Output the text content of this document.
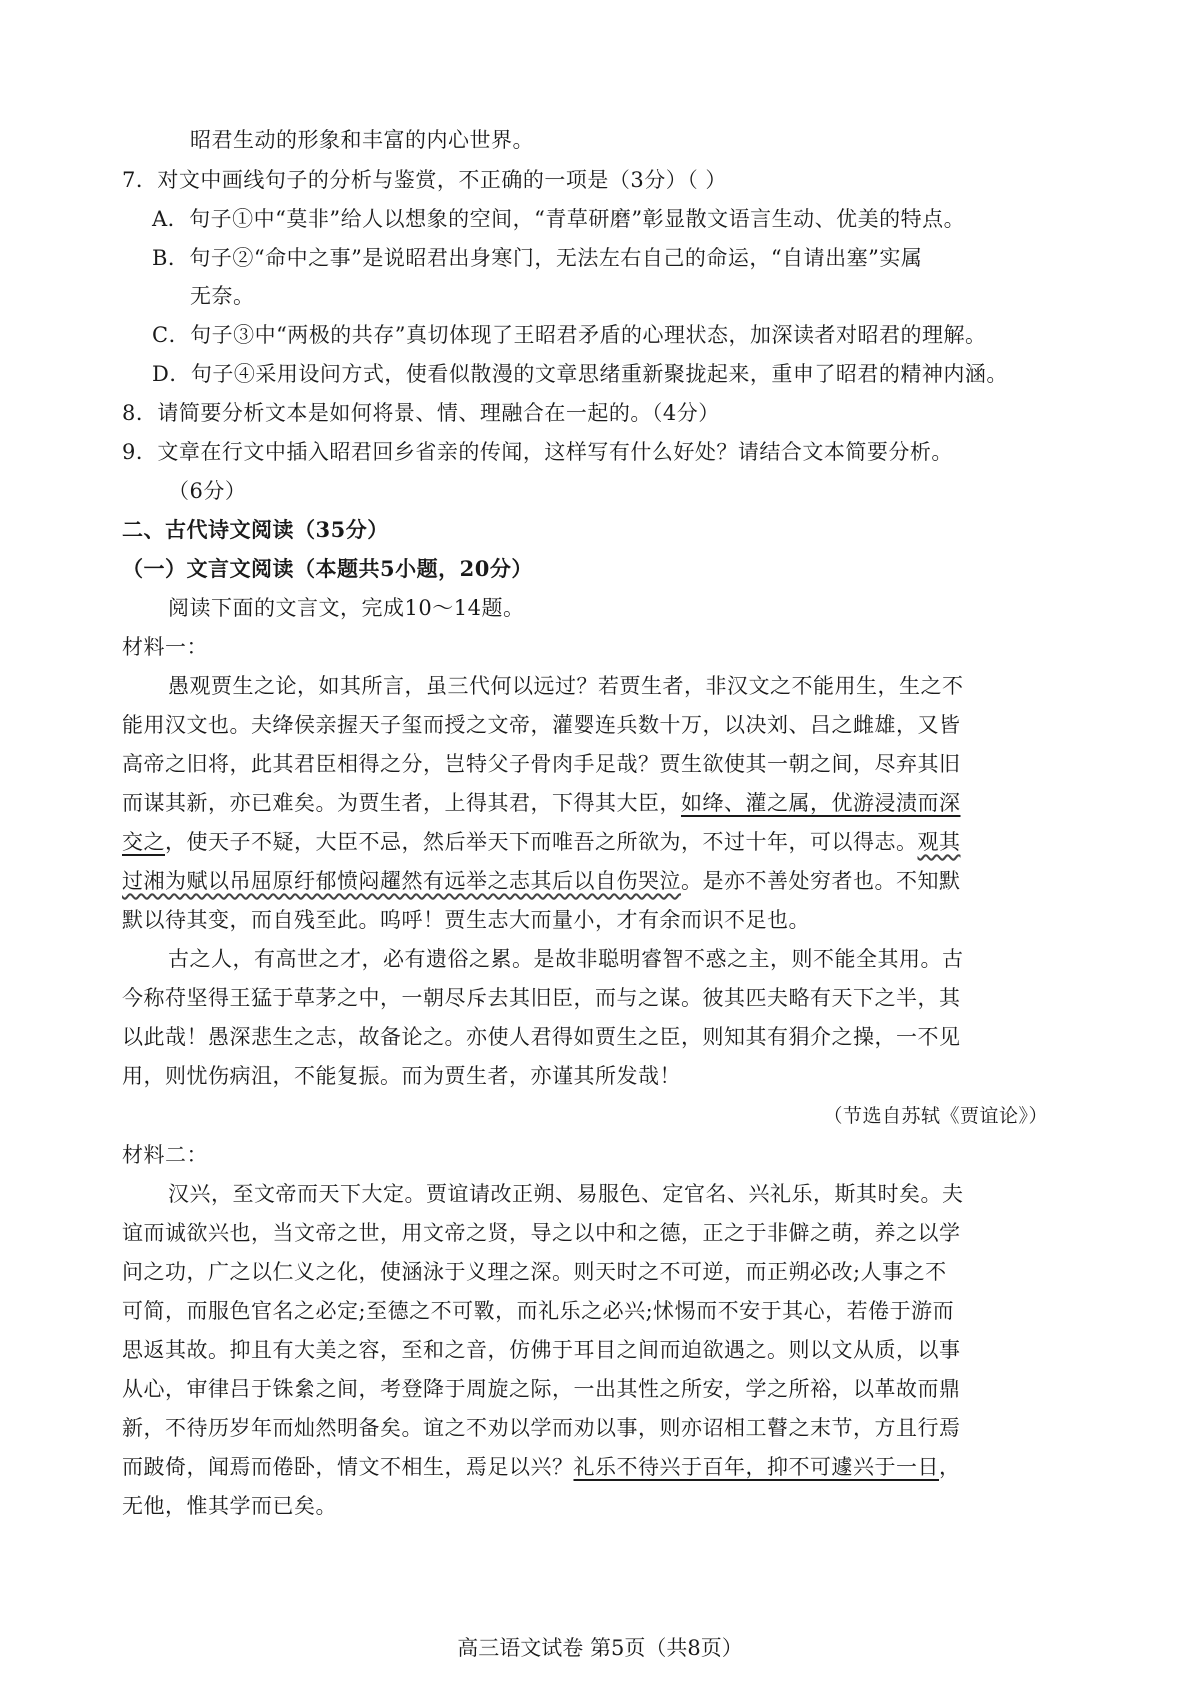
昭君生动的形象和丰富的内心世界。
7．对文中画线句子的分析与鉴赏，不正确的一项是（3分）（ ）
A．句子①中“莫非”给人以想象的空间，“青草研磨”彰显散文语言生动、优美的特点。
B．句子②“命中之事”是说昭君出身寒门，无法左右自己的命运，“自请出塞”实属
无奈。
C．句子③中“两极的共存”真切体现了王昭君矛盾的心理状态，加深读者对昭君的理解。
D．句子④采用设问方式，使看似散漫的文章思绪重新聚拢起来，重申了昭君的精神内涵。
8．请简要分析文本是如何将景、情、理融合在一起的。（4分）
9．文章在行文中插入昭君回乡省亲的传闻，这样写有什么好处？请结合文本简要分析。
（6分）
二、古代诗文阅读（35分）
（一）文言文阅读（本题共5小题，20分）
阅读下面的文言文，完成10～14题。
材料一：
愚观贾生之论，如其所言，虽三代何以远过？若贾生者，非汉文之不能用生，生之不
能用汉文也。夫绛侯亲握天子玺而授之文帝，灌婴连兵数十万，以决刘、吕之雌雄，又皆
高帝之旧将，此其君臣相得之分，岂特父子骨肉手足哉？贾生欲使其一朝之间，尽弃其旧
而谋其新，亦已难矣。为贾生者，上得其君，下得其大臣，如绛、灌之属，优游浸渍而深
交之，使天子不疑，大臣不忌，然后举天下而唯吾之所欲为，不过十年，可以得志。观其
过湘为赋以吊屈原纡郁愤闷趯然有远举之志其后以自伤哭泣。是亦不善处穷者也。不知默
默以待其变，而自残至此。呜呼！贾生志大而量小，才有余而识不足也。
古之人，有高世之才，必有遗俗之累。是故非聪明睿智不惑之主，则不能全其用。古
今称苻坚得王猛于草茅之中，一朝尽斥去其旧臣，而与之谋。彼其匹夫略有天下之半，其
以此哉！愚深悲生之志，故备论之。亦使人君得如贾生之臣，则知其有狷介之操，一不见
用，则忧伤病沮，不能复振。而为贾生者，亦谨其所发哉！
（节选自苏轼《贾谊论》）
材料二：
汉兴，至文帝而天下大定。贾谊请改正朔、易服色、定官名、兴礼乐，斯其时矣。夫
谊而诚欲兴也，当文帝之世，用文帝之贤，导之以中和之德，正之于非僻之萌，养之以学
问之功，广之以仁义之化，使涵泳于义理之深。则天时之不可逆，而正朔必改;人事之不
可简，而服色官名之必定;至德之不可斁，而礼乐之必兴;怵惕而不安于其心，若倦于游而
思返其故。抑且有大美之容，至和之音，仿佛于耳目之间而迫欲遇之。则以文从质，以事
从心，审律吕于铢絫之间，考登降于周旋之际，一出其性之所安，学之所裕，以革故而鼎
新，不待历岁年而灿然明备矣。谊之不劝以学而劝以事，则亦诏相工瞽之末节，方且行焉
而跛倚，闻焉而倦卧，情文不相生，焉足以兴？礼乐不待兴于百年，抑不可遽兴于一日，
无他，惟其学而已矣。
高三语文试卷 第5页（共8页）
